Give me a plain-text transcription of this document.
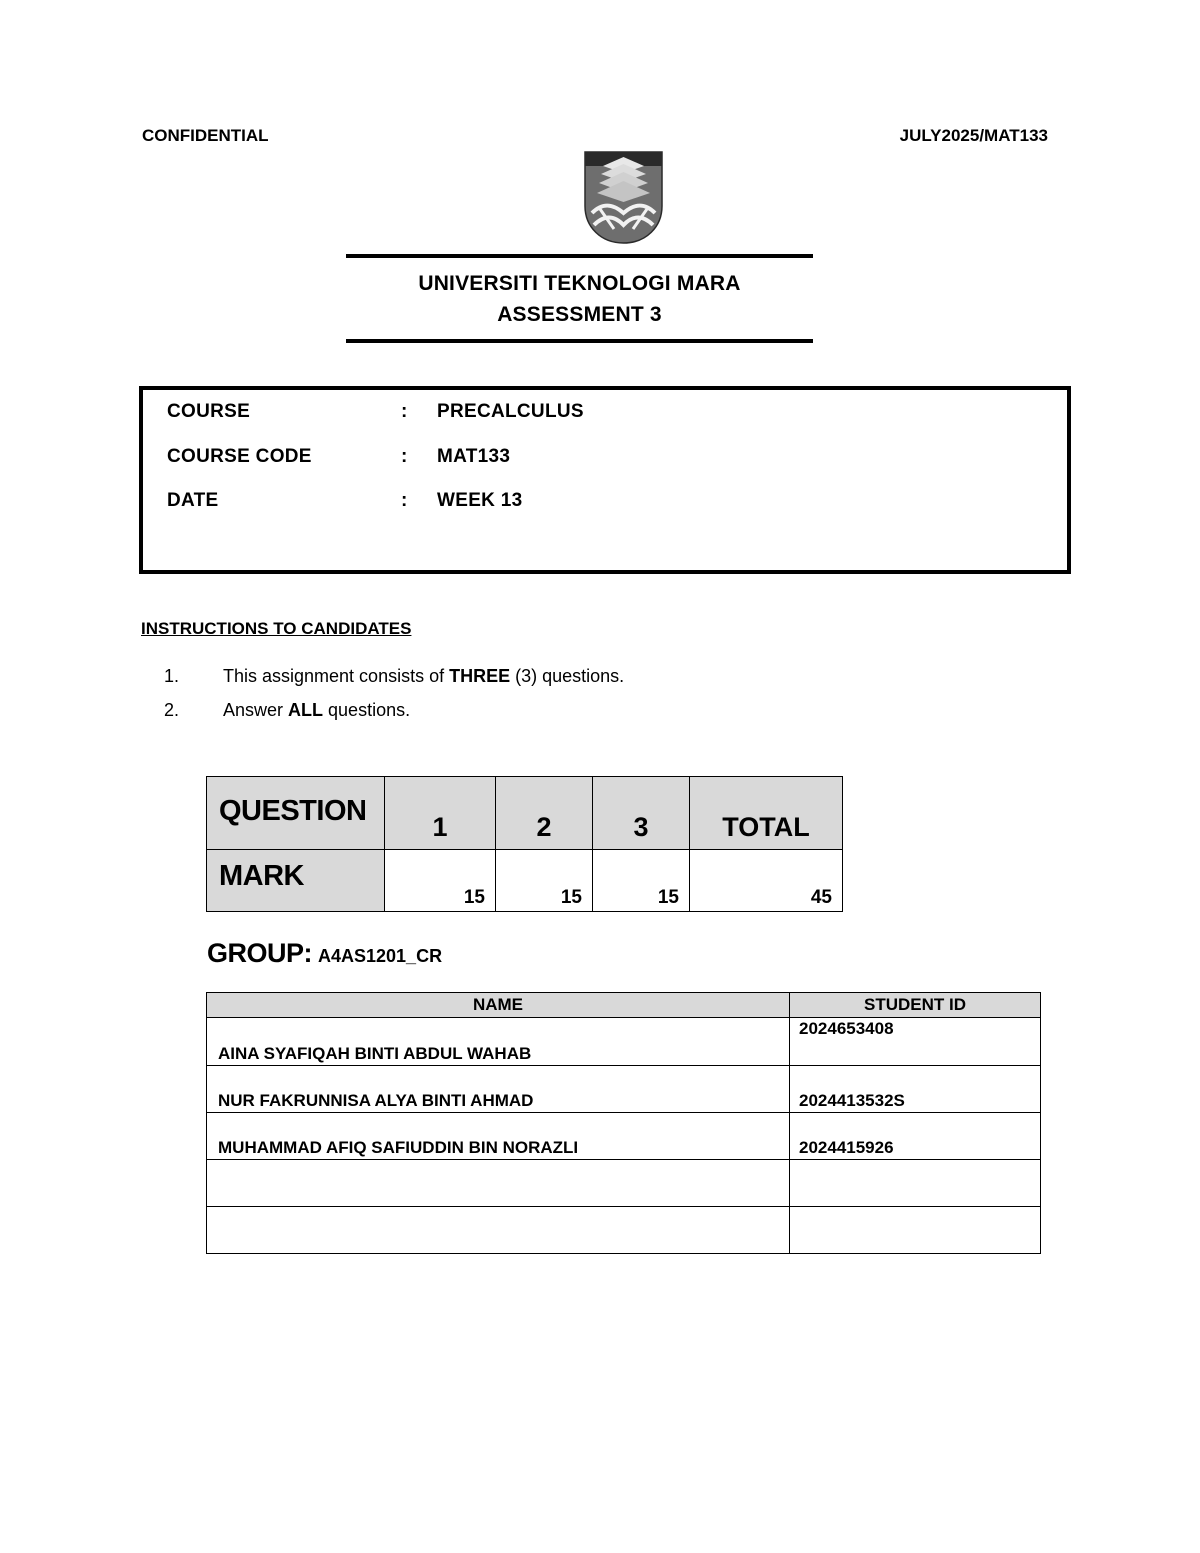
CONFIDENTIAL	JULY2025/MAT133
UNIVERSITI TEKNOLOGI MARA
ASSESSMENT 3
COURSE	: PRECALCULUS
COURSE CODE	: MAT133
DATE	: WEEK 13
INSTRUCTIONS TO CANDIDATES
1. This assignment consists of THREE (3) questions.
2. Answer ALL questions.
QUESTION	1	2	3	TOTAL
MARK	15	15	15	45
GROUP: A4AS1201_CR
NAME	STUDENT ID
AINA SYAFIQAH BINTI ABDUL WAHAB	2024653408
NUR FAKRUNNISA ALYA BINTI AHMAD	2024413532S
MUHAMMAD AFIQ SAFIUDDIN BIN NORAZLI	2024415926
